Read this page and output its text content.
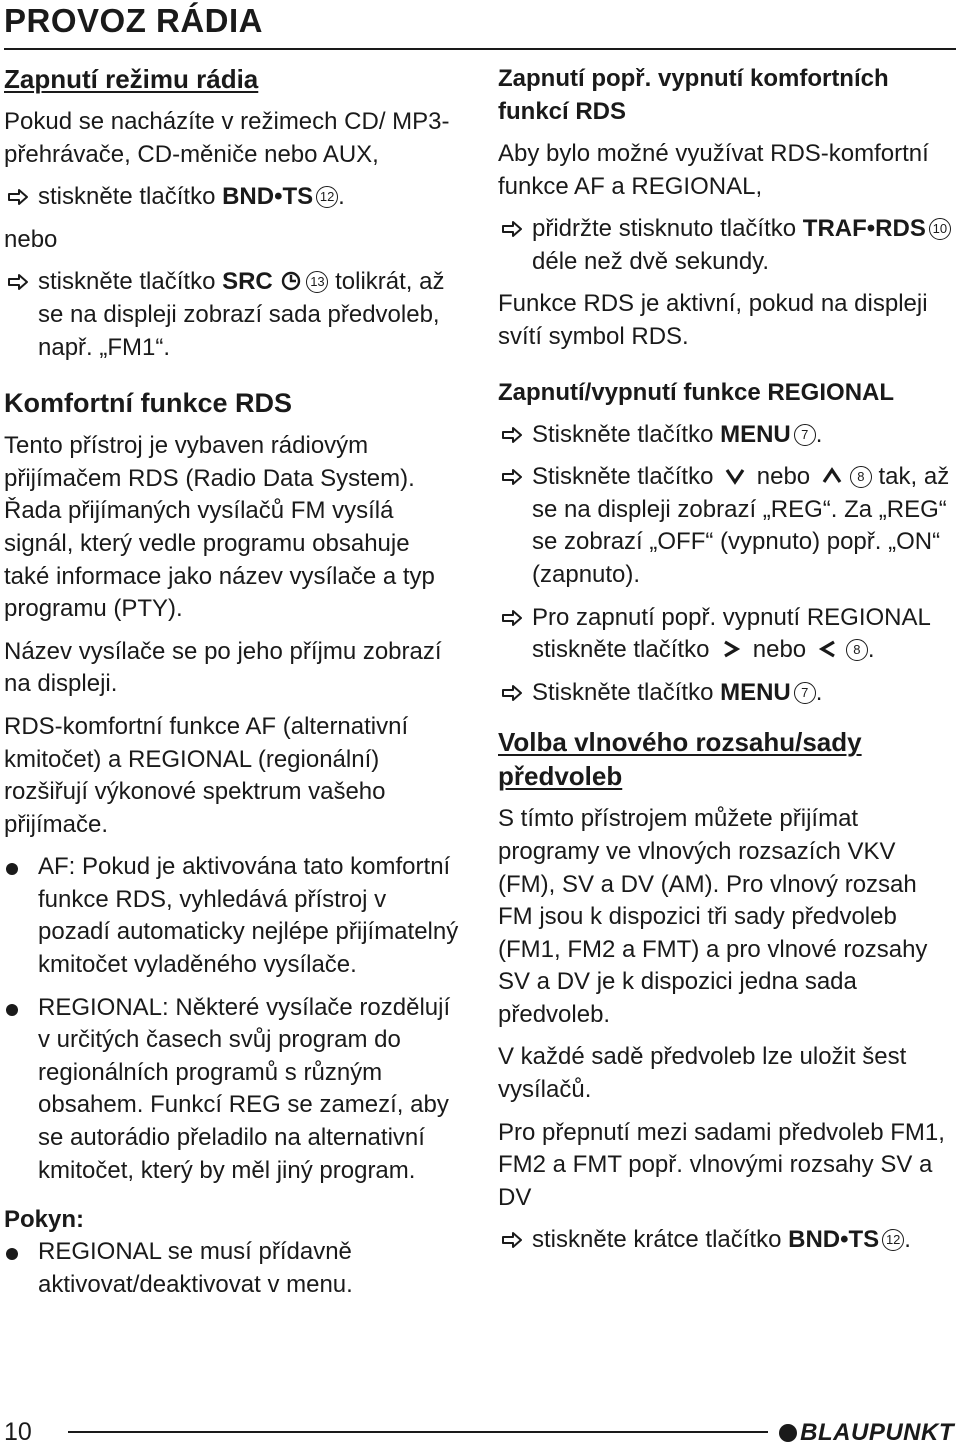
PROVOZ RÁDIA
Zapnutí režimu rádia

Pokud se nacházíte v režimech CD/ MP3-přehrávače, CD-měniče nebo AUX,

stiskněte tlačítko BND•TS 12 .

nebo

stiskněte tlačítko SRC	13 tolikrát, až se na displeji zobrazí sada předvoleb, např. „FM1“.

Komfortní funkce RDS

Tento přístroj je vybaven rádiovým přijímačem RDS (Radio Data System). Řada přijímaných vysílačů FM vysílá signál, který vedle programu obsahuje také informace jako název vysílače a typ programu (PTY).

Název vysílače se po jeho příjmu zobrazí na displeji.

RDS-komfortní funkce AF (alternativní kmitočet) a REGIONAL (regionální) rozšiřují výkonové spektrum vašeho přijímače.

AF: Pokud je aktivována tato komfortní funkce RDS, vyhledává přístroj v pozadí automaticky nejlépe přijímatelný kmitočet vyladěného vysílače.

REGIONAL: Některé vysílače rozdělují v určitých časech svůj program do regionálních programů s různým obsahem. Funkcí REG se zamezí, aby se autorádio přeladilo na alternativní kmitočet, který by měl jiný program.

Pokyn:

REGIONAL se musí přídavně aktivovat/deaktivovat v menu.

Zapnutí popř. vypnutí komfortních funkcí RDS

Aby bylo možné využívat RDS-komfortní funkce AF a REGIONAL,

přidržte stisknuto tlačítko TRAF•RDS 10 déle než dvě sekundy.

Funkce RDS je aktivní, pokud na displeji svítí symbol RDS.

Zapnutí/vypnutí funkce REGIONAL

Stiskněte tlačítko MENU 7 .

Stiskněte tlačítko  nebo	8 tak, až se na displeji zobrazí „REG“. Za „REG“ se zobrazí „OFF“ (vypnuto) popř. „ON“ (zapnuto).

Pro zapnutí popř. vypnutí REGIONAL stiskněte tlačítko  nebo	8 .

Stiskněte tlačítko MENU 7 .

Volba vlnového rozsahu/sady předvoleb

S tímto přístrojem můžete přijímat programy ve vlnových rozsazích VKV (FM), SV a DV (AM). Pro vlnový rozsah FM jsou k dispozici tři sady předvoleb (FM1, FM2 a FMT) a pro vlnové rozsahy SV a DV je k dispozici jedna sada předvoleb.

V každé sadě předvoleb lze uložit šest vysílačů.

Pro přepnutí mezi sadami předvoleb FM1, FM2 a FMT popř. vlnovými rozsahy SV a DV

stiskněte krátce tlačítko BND•TS 12 .

10	BLAUPUNKT
